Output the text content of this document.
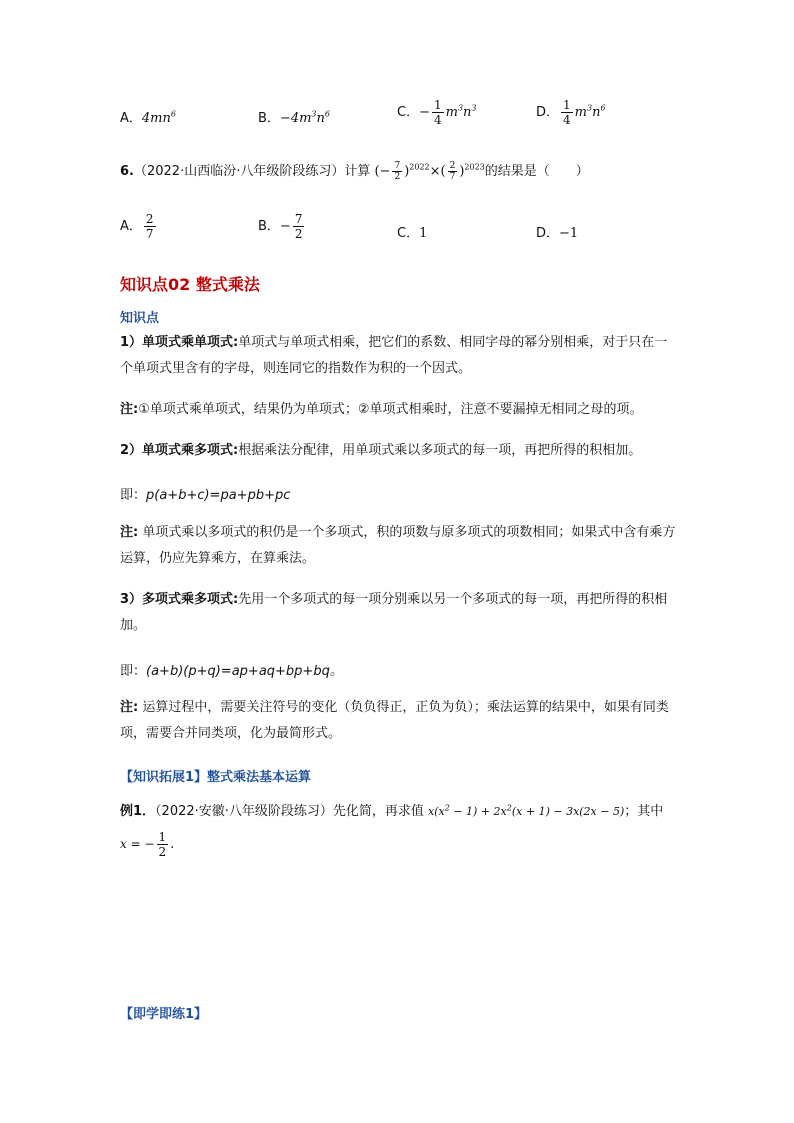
A．$4mn^6$	B．$-4m^3n^6$	C．− $\frac{1}{4} m^3n^3$	D． $\frac{1}{4} m^3n^6$
6.（2022·山西临汾·八年级阶段练习）计算 (− $\frac{7}{2} )^{2022}\times( \frac{2}{7} )^{2023}$的结果是（　　）
A． $\frac{2}{7}$	B．− $\frac{7}{2}$	C．1	D．−1
知识点02 整式乘法
知识点

1）单项式乘单项式:单项式与单项式相乘，把它们的系数、相同字母的幂分别相乘，对于只在一个单项式里含有的字母，则连同它的指数作为积的一个因式。

注:①单项式乘单项式，结果仍为单项式；②单项式相乘时，注意不要漏掉无相同之母的项。

2）单项式乘多项式:根据乘法分配律，用单项式乘以多项式的每一项，再把所得的积相加。

即：p(a+b+c)=pa+pb+pc

注: 单项式乘以多项式的积仍是一个多项式，积的项数与原多项式的项数相同；如果式中含有乘方运算，仍应先算乘方，在算乘法。

3）多项式乘多项式:先用一个多项式的每一项分别乘以另一个多项式的每一项，再把所得的积相加。

即：(a+b)(p+q)=ap+aq+bp+bq。

注: 运算过程中，需要关注符号的变化（负负得正，正负为负）；乘法运算的结果中，如果有同类项，需要合并同类项，化为最简形式。

【知识拓展1】整式乘法基本运算
例1．（2022·安徽·八年级阶段练习）先化简，再求值 $x(x^2 - 1) + 2x^2(x + 1) - 3x(2x - 5)$；其中
x = − $\frac{1}{2}$ .
【即学即练1】
